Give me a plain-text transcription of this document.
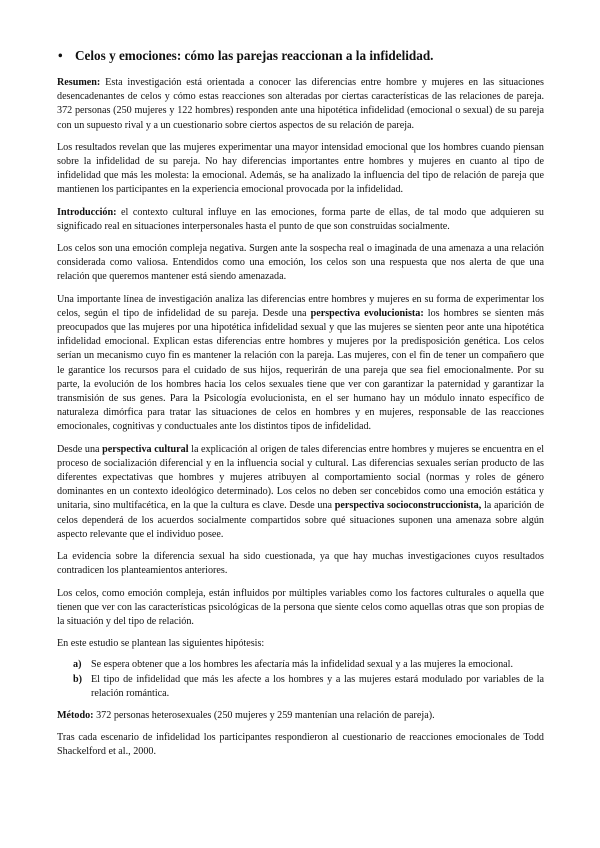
• Celos y emociones: cómo las parejas reaccionan a la infidelidad.

Resumen: Esta investigación está orientada a conocer las diferencias entre hombre y mujeres en las situaciones desencadenantes de celos y cómo estas reacciones son alteradas por ciertas características de las relaciones de pareja. 372 personas (250 mujeres y 122 hombres) responden ante una hipotética infidelidad (emocional o sexual) de su pareja con un supuesto rival y a un cuestionario sobre ciertos aspectos de su relación de pareja.

Los resultados revelan que las mujeres experimentar una mayor intensidad emocional que los hombres cuando piensan sobre la infidelidad de su pareja. No hay diferencias importantes entre hombres y mujeres en cuanto al tipo de infidelidad que más les molesta: la emocional. Además, se ha analizado la influencia del tipo de relación de pareja que mantienen los participantes en la experiencia emocional provocada por la infidelidad.

Introducción: el contexto cultural influye en las emociones, forma parte de ellas, de tal modo que adquieren su significado real en situaciones interpersonales hasta el punto de que son construidas socialmente.

Los celos son una emoción compleja negativa. Surgen ante la sospecha real o imaginada de una amenaza a una relación considerada como valiosa. Entendidos como una emoción, los celos son una respuesta que nos alerta de que una relación que queremos mantener está siendo amenazada.

Una importante línea de investigación analiza las diferencias entre hombres y mujeres en su forma de experimentar los celos, según el tipo de infidelidad de su pareja. Desde una perspectiva evolucionista: los hombres se sienten más preocupados que las mujeres por una hipotética infidelidad sexual y que las mujeres se sienten peor ante una hipotética infidelidad emocional. Explican estas diferencias entre hombres y mujeres por la predisposición genética. Los celos serían un mecanismo cuyo fin es mantener la relación con la pareja. Las mujeres, con el fin de tener un compañero que le garantice los recursos para el cuidado de sus hijos, requerirán de una pareja que sea fiel emocionalmente. Por su parte, la evolución de los hombres hacia los celos sexuales tiene que ver con garantizar la paternidad y garantizar la transmisión de sus genes. Para la Psicología evolucionista, en el ser humano hay un módulo innato específico de naturaleza dimórfica para tratar las situaciones de celos en hombres y en mujeres, responsable de las reacciones emocionales, cognitivas y conductuales ante los distintos tipos de infidelidad.

Desde una perspectiva cultural la explicación al origen de tales diferencias entre hombres y mujeres se encuentra en el proceso de socialización diferencial y en la influencia social y cultural. Las diferencias sexuales serían producto de las diferentes expectativas que hombres y mujeres atribuyen al comportamiento social (normas y roles de género dominantes en un contexto ideológico determinado). Los celos no deben ser concebidos como una emoción estática y unitaria, sino multifacética, en la que la cultura es clave. Desde una perspectiva socioconstruccionista, la aparición de celos dependerá de los acuerdos socialmente compartidos sobre qué situaciones suponen una amenaza sobre algún aspecto relevante que el individuo posee.

La evidencia sobre la diferencia sexual ha sido cuestionada, ya que hay muchas investigaciones cuyos resultados contradicen los planteamientos anteriores.

Los celos, como emoción compleja, están influidos por múltiples variables como los factores culturales o aquella que tienen que ver con las características psicológicas de la persona que siente celos como aquellas otras que son propias de la situación y del tipo de relación.

En este estudio se plantean las siguientes hipótesis:

a) Se espera obtener que a los hombres les afectaría más la infidelidad sexual y a las mujeres la emocional.
b) El tipo de infidelidad que más les afecte a los hombres y a las mujeres estará modulado por variables de la relación romántica.

Método: 372 personas heterosexuales (250 mujeres y 259 mantenían una relación de pareja).

Tras cada escenario de infidelidad los participantes respondieron al cuestionario de reacciones emocionales de Todd Shackelford et al., 2000.
